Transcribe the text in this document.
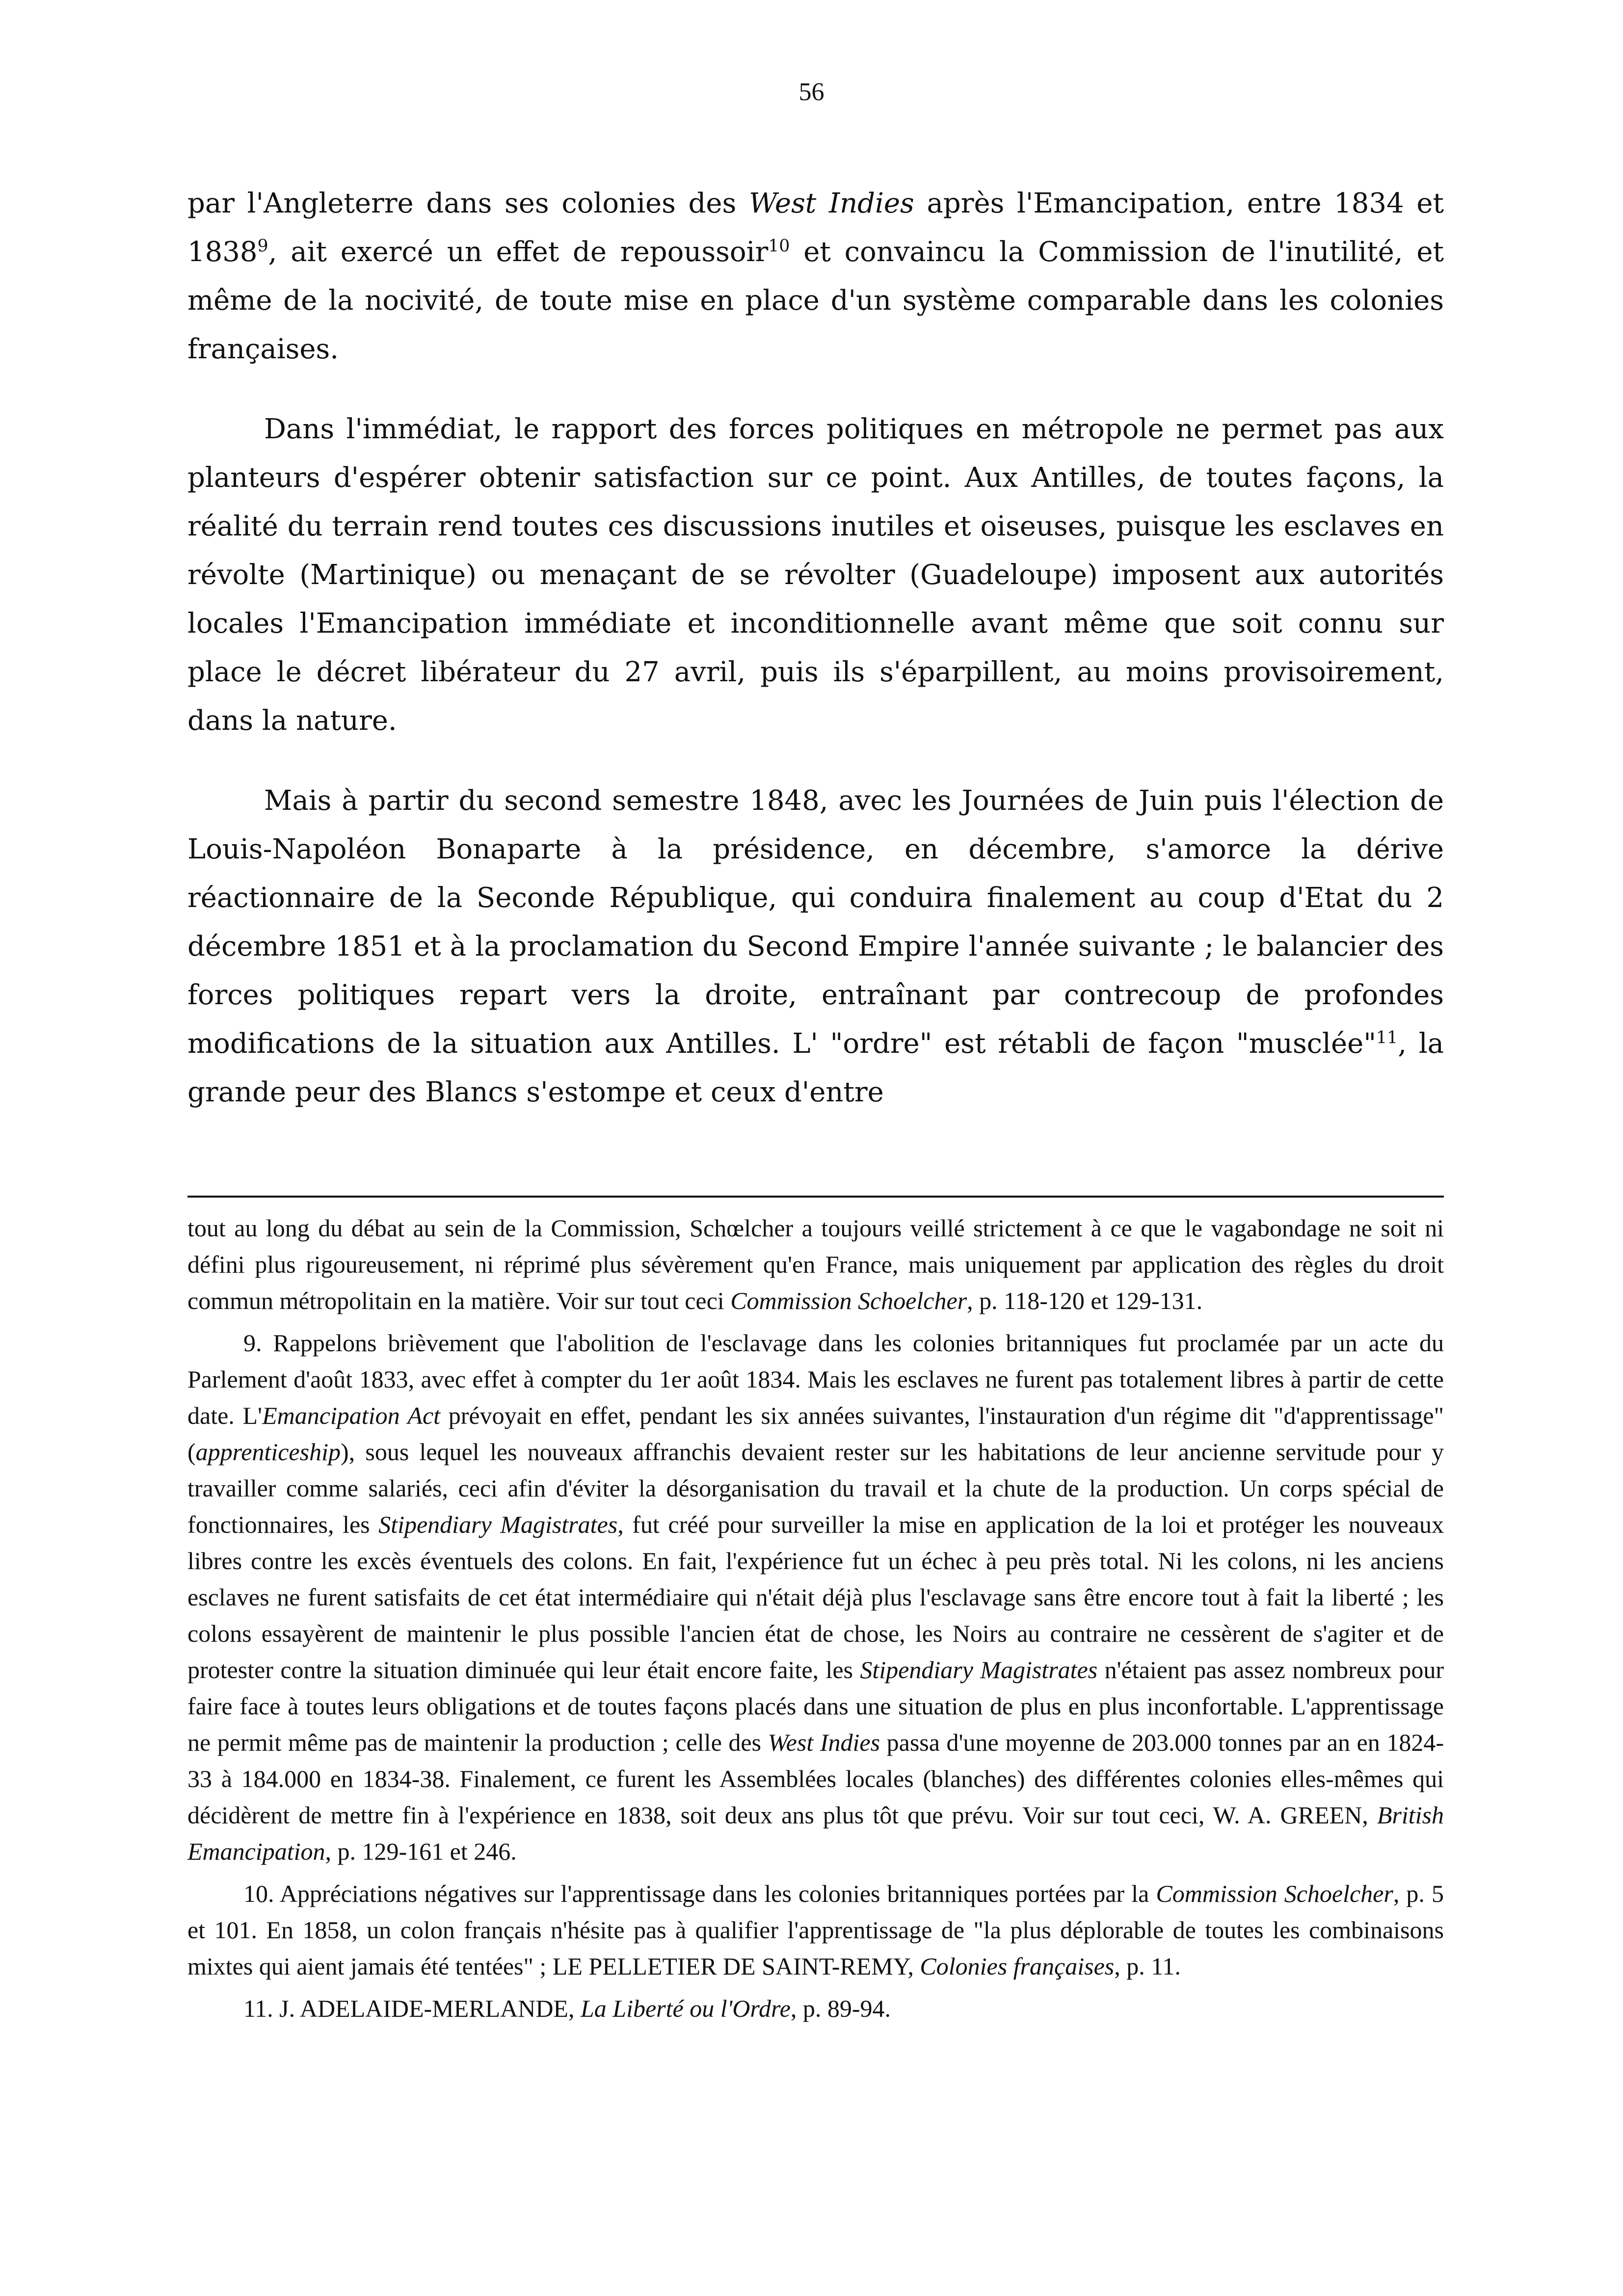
56

par l'Angleterre dans ses colonies des West Indies après l'Emancipation, entre 1834 et 1838$^9$, ait exercé un effet de repoussoir$^{10}$ et convaincu la Commission de l'inutilité, et même de la nocivité, de toute mise en place d'un système comparable dans les colonies françaises.

Dans l'immédiat, le rapport des forces politiques en métropole ne permet pas aux planteurs d'espérer obtenir satisfaction sur ce point. Aux Antilles, de toutes façons, la réalité du terrain rend toutes ces discussions inutiles et oiseuses, puisque les esclaves en révolte (Martinique) ou menaçant de se révolter (Guadeloupe) imposent aux autorités locales l'Emancipation immédiate et inconditionnelle avant même que soit connu sur place le décret libérateur du 27 avril, puis ils s'éparpillent, au moins provisoirement, dans la nature.

Mais à partir du second semestre 1848, avec les Journées de Juin puis l'élection de Louis-Napoléon Bonaparte à la présidence, en décembre, s'amorce la dérive réactionnaire de la Seconde République, qui conduira finalement au coup d'Etat du 2 décembre 1851 et à la proclamation du Second Empire l'année suivante ; le balancier des forces politiques repart vers la droite, entraînant par contrecoup de profondes modifications de la situation aux Antilles. L' "ordre" est rétabli de façon "musclée"$^{11}$, la grande peur des Blancs s'estompe et ceux d'entre

tout au long du débat au sein de la Commission, Schœlcher a toujours veillé strictement à ce que le vagabondage ne soit ni défini plus rigoureusement, ni réprimé plus sévèrement qu'en France, mais uniquement par application des règles du droit commun métropolitain en la matière. Voir sur tout ceci Commission Schoelcher, p. 118-120 et 129-131.

9. Rappelons brièvement que l'abolition de l'esclavage dans les colonies britanniques fut proclamée par un acte du Parlement d'août 1833, avec effet à compter du 1er août 1834. Mais les esclaves ne furent pas totalement libres à partir de cette date. L'Emancipation Act prévoyait en effet, pendant les six années suivantes, l'instauration d'un régime dit "d'apprentissage" (apprenticeship), sous lequel les nouveaux affranchis devaient rester sur les habitations de leur ancienne servitude pour y travailler comme salariés, ceci afin d'éviter la désorganisation du travail et la chute de la production. Un corps spécial de fonctionnaires, les Stipendiary Magistrates, fut créé pour surveiller la mise en application de la loi et protéger les nouveaux libres contre les excès éventuels des colons. En fait, l'expérience fut un échec à peu près total. Ni les colons, ni les anciens esclaves ne furent satisfaits de cet état intermédiaire qui n'était déjà plus l'esclavage sans être encore tout à fait la liberté ; les colons essayèrent de maintenir le plus possible l'ancien état de chose, les Noirs au contraire ne cessèrent de s'agiter et de protester contre la situation diminuée qui leur était encore faite, les Stipendiary Magistrates n'étaient pas assez nombreux pour faire face à toutes leurs obligations et de toutes façons placés dans une situation de plus en plus inconfortable. L'apprentissage ne permit même pas de maintenir la production ; celle des West Indies passa d'une moyenne de 203.000 tonnes par an en 1824-33 à 184.000 en 1834-38. Finalement, ce furent les Assemblées locales (blanches) des différentes colonies elles-mêmes qui décidèrent de mettre fin à l'expérience en 1838, soit deux ans plus tôt que prévu. Voir sur tout ceci, W. A. GREEN, British Emancipation, p. 129-161 et 246.

10. Appréciations négatives sur l'apprentissage dans les colonies britanniques portées par la Commission Schoelcher, p. 5 et 101. En 1858, un colon français n'hésite pas à qualifier l'apprentissage de "la plus déplorable de toutes les combinaisons mixtes qui aient jamais été tentées" ; LE PELLETIER DE SAINT-REMY, Colonies françaises, p. 11.

11. J. ADELAIDE-MERLANDE, La Liberté ou l'Ordre, p. 89-94.
